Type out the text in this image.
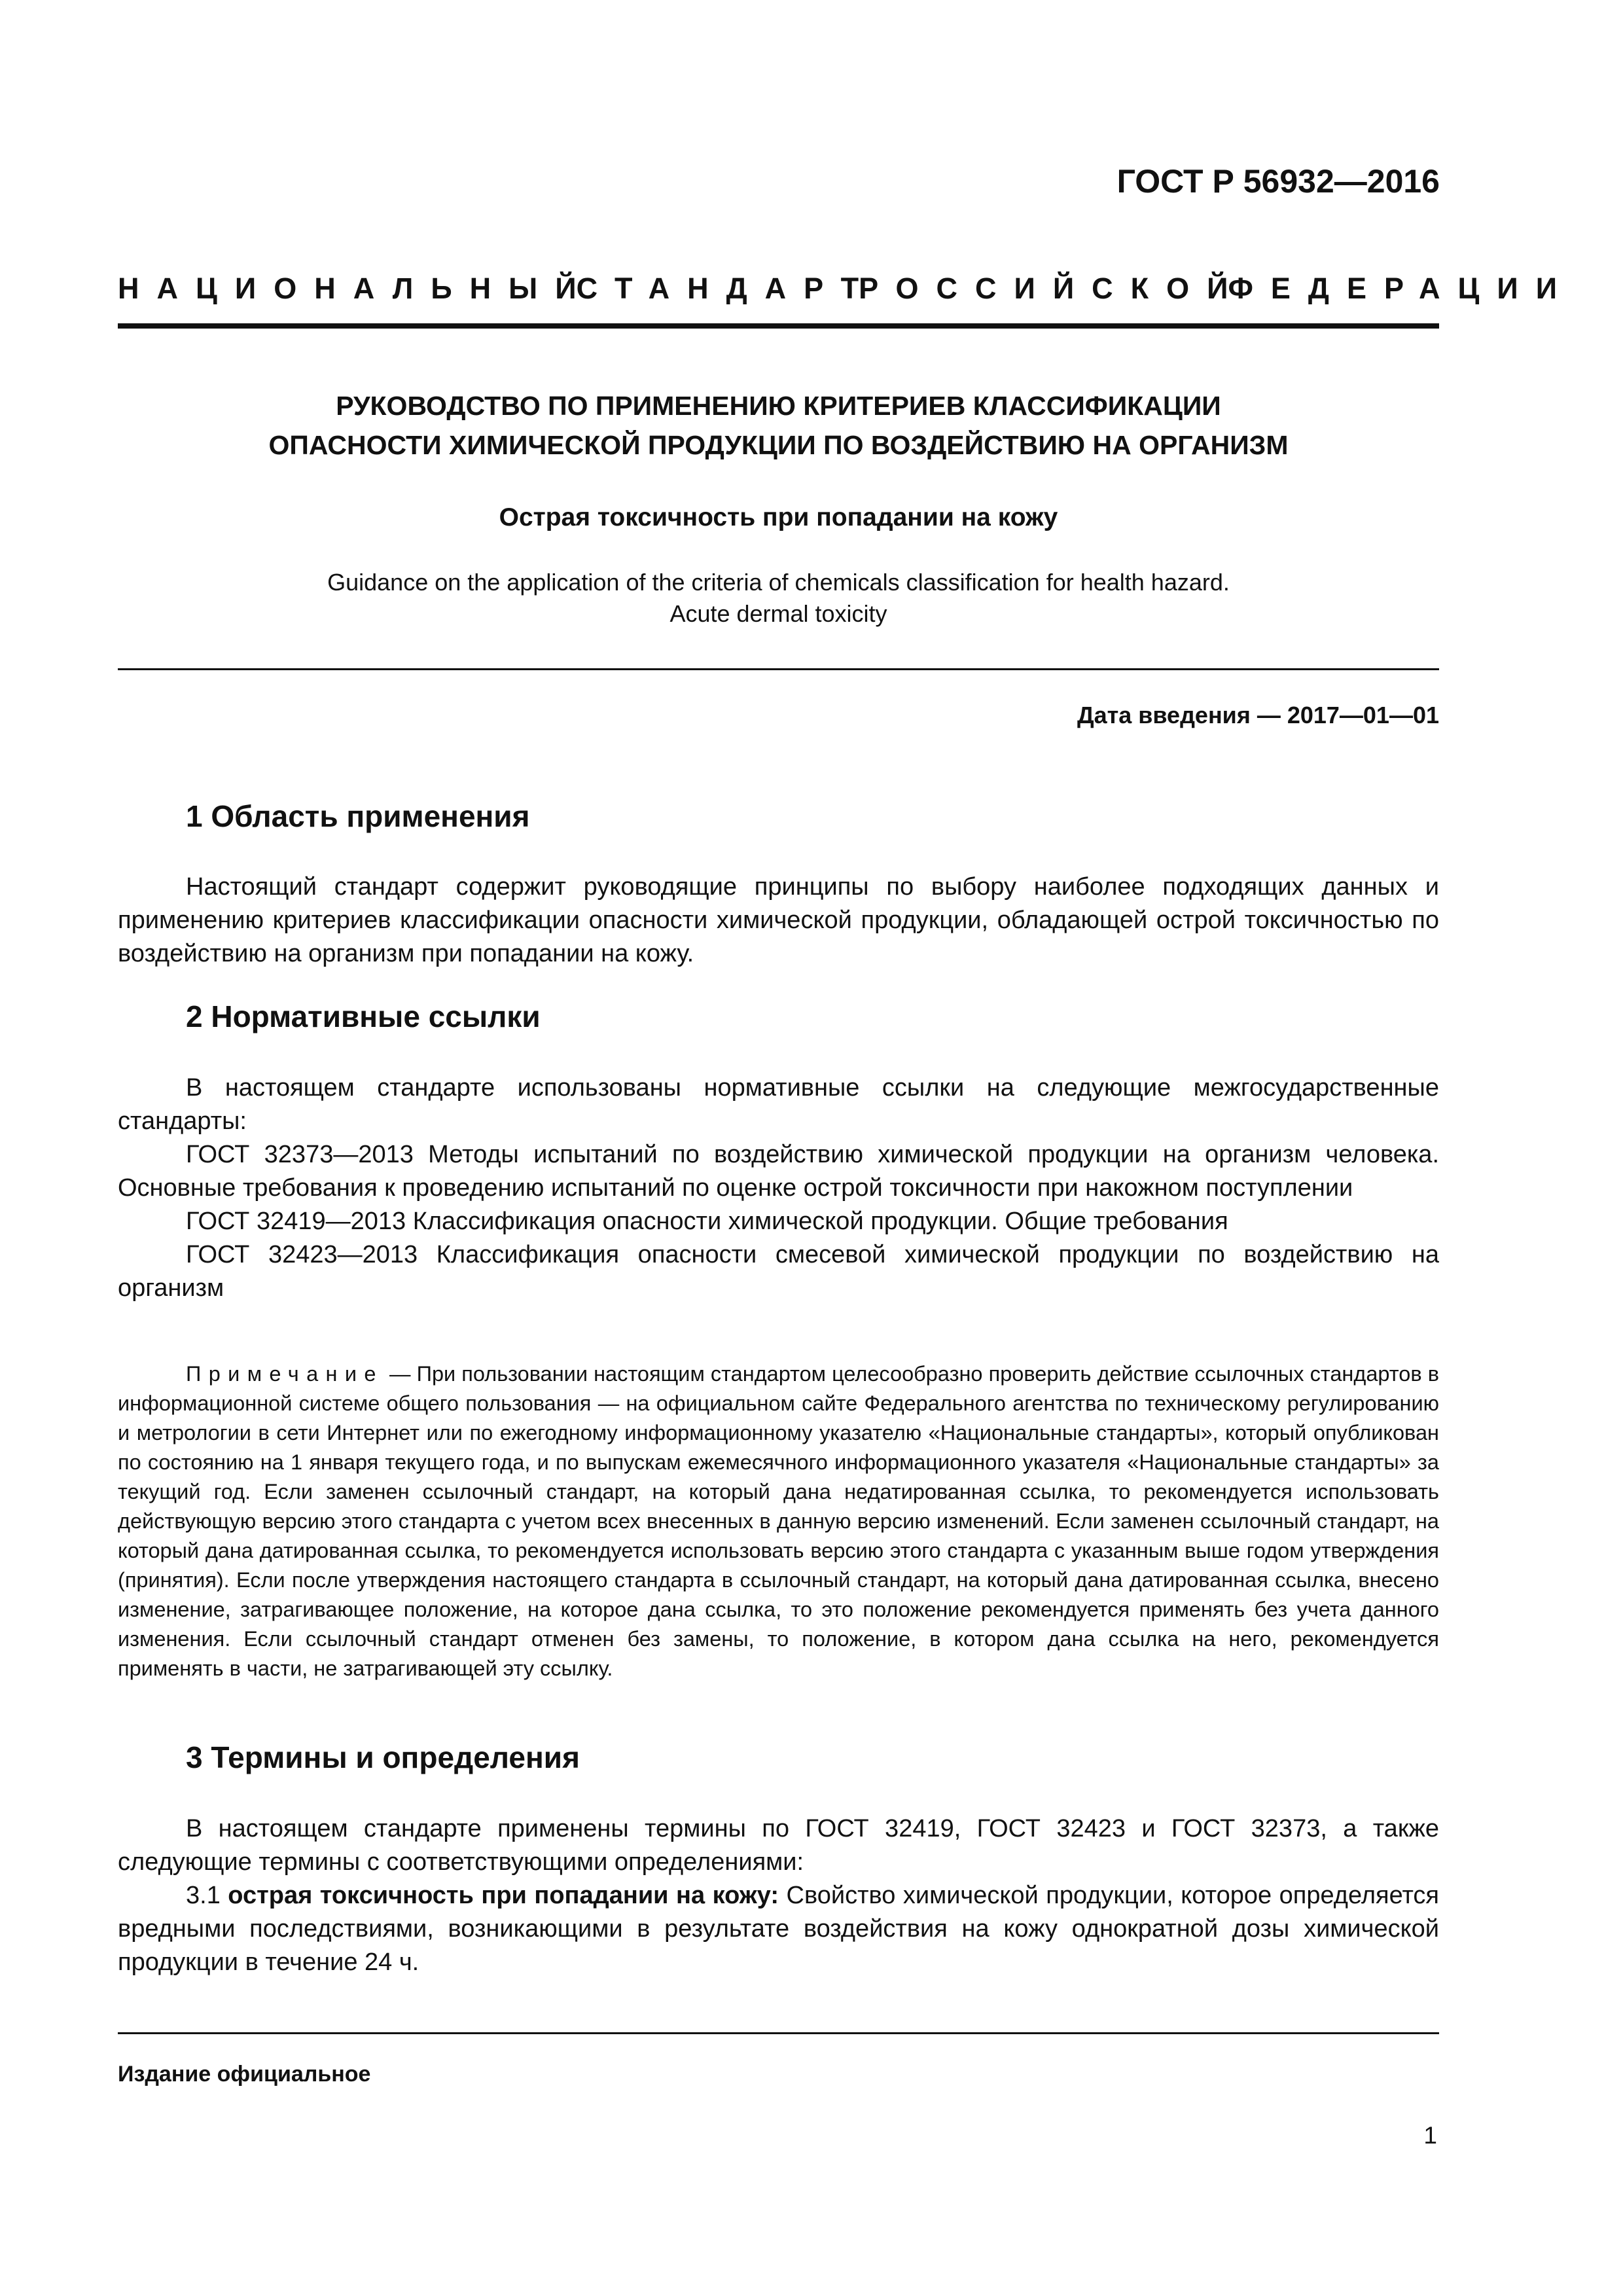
ГОСТ Р 56932—2016
НАЦИОНАЛЬНЫЙ
СТАНДАРТ
РОССИЙСКОЙ
ФЕДЕРАЦИИ
РУКОВОДСТВО ПО ПРИМЕНЕНИЮ КРИТЕРИЕВ КЛАССИФИКАЦИИ
ОПАСНОСТИ ХИМИЧЕСКОЙ ПРОДУКЦИИ ПО ВОЗДЕЙСТВИЮ НА ОРГАНИЗМ
Острая токсичность при попадании на кожу
Guidance on the application of the criteria of chemicals classification for health hazard.
Acute dermal toxicity
Дата введения — 2017—01—01
1 Область применения

Настоящий стандарт содержит руководящие принципы по выбору наиболее подходящих данных и применению критериев классификации опасности химической продукции, обладающей острой токсичностью по воздействию на организм при попадании на кожу.

2 Нормативные ссылки

В настоящем стандарте использованы нормативные ссылки на следующие межгосударственные стандарты:

ГОСТ 32373—2013 Методы испытаний по воздействию химической продукции на организм человека. Основные требования к проведению испытаний по оценке острой токсичности при накожном поступлении

ГОСТ 32419—2013 Классификация опасности химической продукции. Общие требования

ГОСТ 32423—2013 Классификация опасности смесевой химической продукции по воздействию на организм

Примечание — При пользовании настоящим стандартом целесообразно проверить действие ссылочных стандартов в информационной системе общего пользования — на официальном сайте Федерального агентства по техническому регулированию и метрологии в сети Интернет или по ежегодному информационному указателю «Национальные стандарты», который опубликован по состоянию на 1 января текущего года, и по выпускам ежемесячного информационного указателя «Национальные стандарты» за текущий год. Если заменен ссылочный стандарт, на который дана недатированная ссылка, то рекомендуется использовать действующую версию этого стандарта с учетом всех внесенных в данную версию изменений. Если заменен ссылочный стандарт, на который дана датированная ссылка, то рекомендуется использовать версию этого стандарта с указанным выше годом утверждения (принятия). Если после утверждения настоящего стандарта в ссылочный стандарт, на который дана датированная ссылка, внесено изменение, затрагивающее положение, на которое дана ссылка, то это положение рекомендуется применять без учета данного изменения. Если ссылочный стандарт отменен без замены, то положение, в котором дана ссылка на него, рекомендуется применять в части, не затрагивающей эту ссылку.

3 Термины и определения

В настоящем стандарте применены термины по ГОСТ 32419, ГОСТ 32423 и ГОСТ 32373, а также следующие термины с соответствующими определениями:

3.1 острая токсичность при попадании на кожу: Свойство химической продукции, которое определяется вредными последствиями, возникающими в результате воздействия на кожу однократной дозы химической продукции в течение 24 ч.

Издание официальное
1
